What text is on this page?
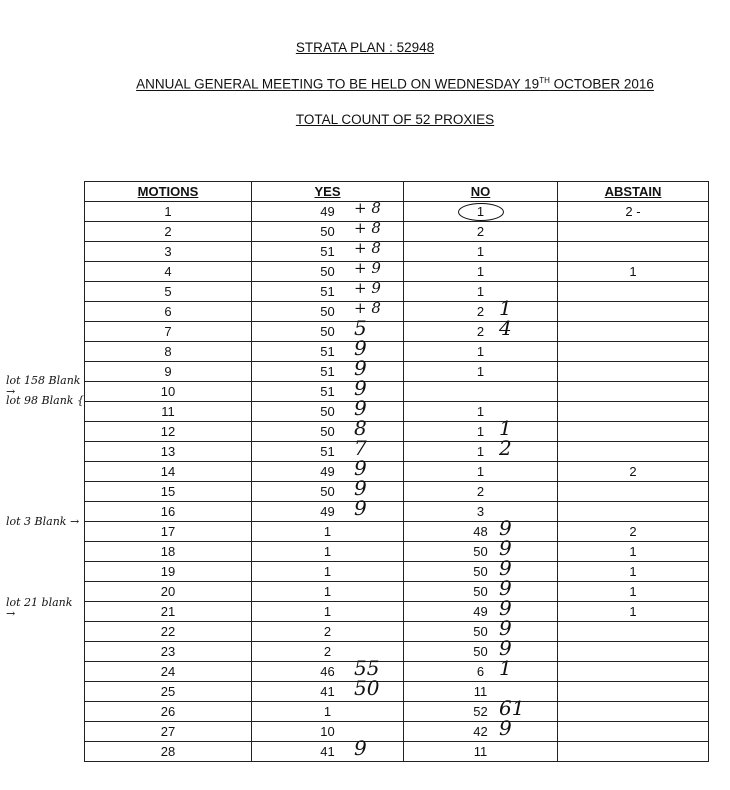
STRATA PLAN : 52948
ANNUAL GENERAL MEETING TO BE HELD ON WEDNESDAY 19TH OCTOBER 2016
TOTAL COUNT OF 52 PROXIES
MOTIONS	YES	NO	ABSTAIN
1	49 + 8	1	2 -
2	50 + 8	2	
3	51 + 8	1	
4	50 + 9	1	1
5	51 + 9	1	
6	50 + 8	2 1	

7	50 5	2 4	

8	51 9	1	
9	51 9	1	
10	51 9		

11	50 9	1	
12	50 8	1 1	

13	51 7	1 2	

14	49 9	1	2
15	50 9	2	
16	49 9	3	
17	1	48 9	2
18	1	50 9	1
19	1	50 9	1
20	1	50 9	1
21	1	49 9	1
22	2	50 9	

23	2	50 9	

24	46 55	6 1	

25	41 50	11	
26	1	52 61	

27	10	42 9	

28	41 9	11	
lot 158 Blank →
lot 98 Blank {
lot 3 Blank →
lot 21 blank →
